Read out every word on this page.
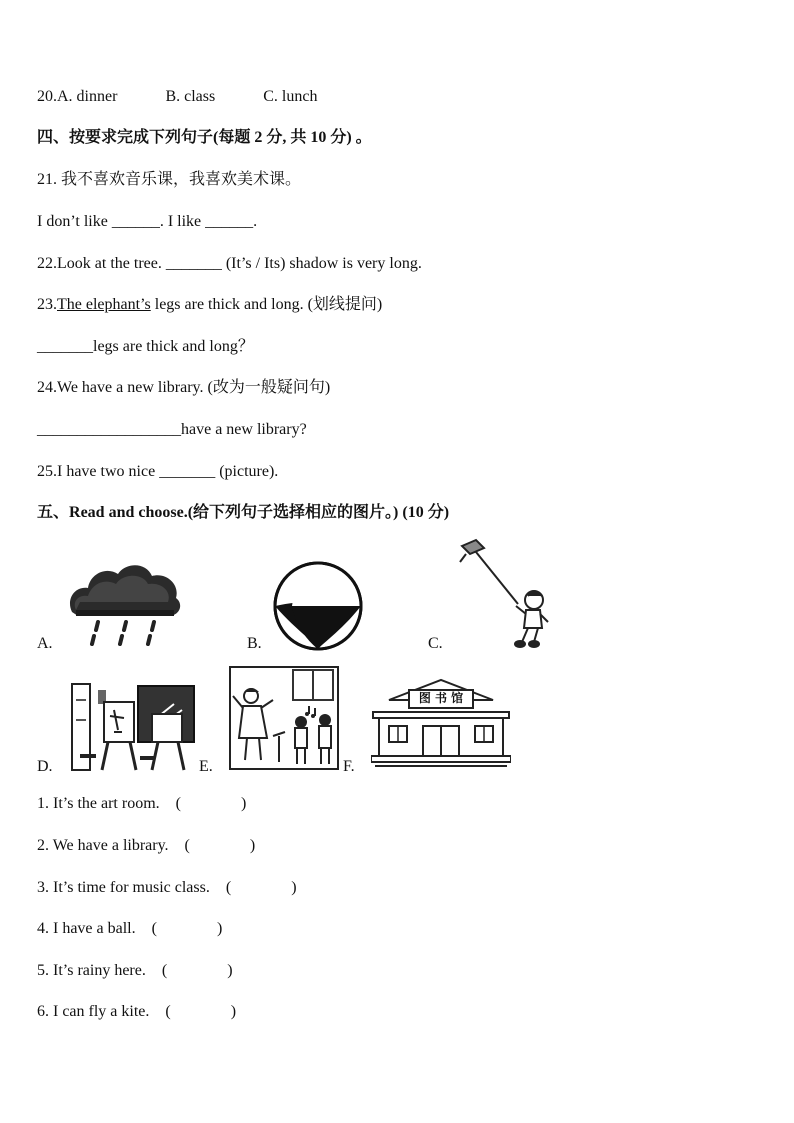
20.A. dinner	B. class	C. lunch
四、按要求完成下列句子(每题 2 分, 共 10 分) 。
21. 我不喜欢音乐课，我喜欢美术课。
I don’t like ______. I like ______.
22.Look at the tree. _______ (It’s / Its) shadow is very long.
23.The elephant’s legs are thick and long. (划线提问)
_______legs are thick and long？
24.We have a new library. (改为一般疑问句)
__________________have a new library?
25.I have two nice _______ (picture).
五、Read and choose.(给下列句子选择相应的图片。) (10 分)
A.	B.	C.
D.	E.
图 书 馆
F.
1. It’s the art room. (	)
2. We have a library. (	)
3. It’s time for music class. (	)
4. I have a ball. (	)
5. It’s rainy here. (	)
6. I can fly a kite. (	)
